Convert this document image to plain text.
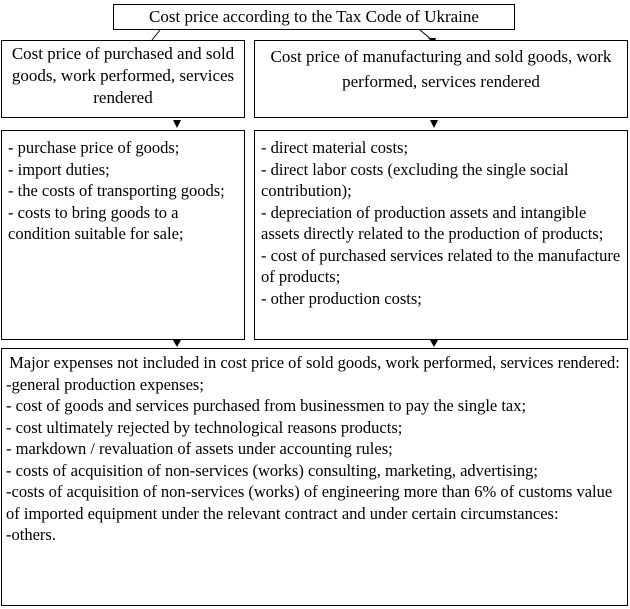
Cost price according to the Tax Code of Ukraine
Cost price of purchased and sold goods, work performed, services rendered
Cost price of manufacturing and sold goods, work performed, services rendered
- purchase price of goods;
- import duties;
- the costs of transporting goods;
- costs to bring goods to a condition suitable for sale;
- direct material costs;
- direct labor costs (excluding the single social contribution);
- depreciation of production assets and intangible assets directly related to the production of products;
- cost of purchased services related to the manufacture of products;
- other production costs;
Major expenses not included in cost price of sold goods, work performed, services rendered:
-general production expenses;
- cost of goods and services purchased from businessmen to pay the single tax;
- cost ultimately rejected by technological reasons products;
- markdown / revaluation of assets under accounting rules;
- costs of acquisition of non-services (works) consulting, marketing, advertising;
-costs of acquisition of non-services (works) of engineering more than 6% of customs value of imported equipment under the relevant contract and under certain circumstances:
-others.
